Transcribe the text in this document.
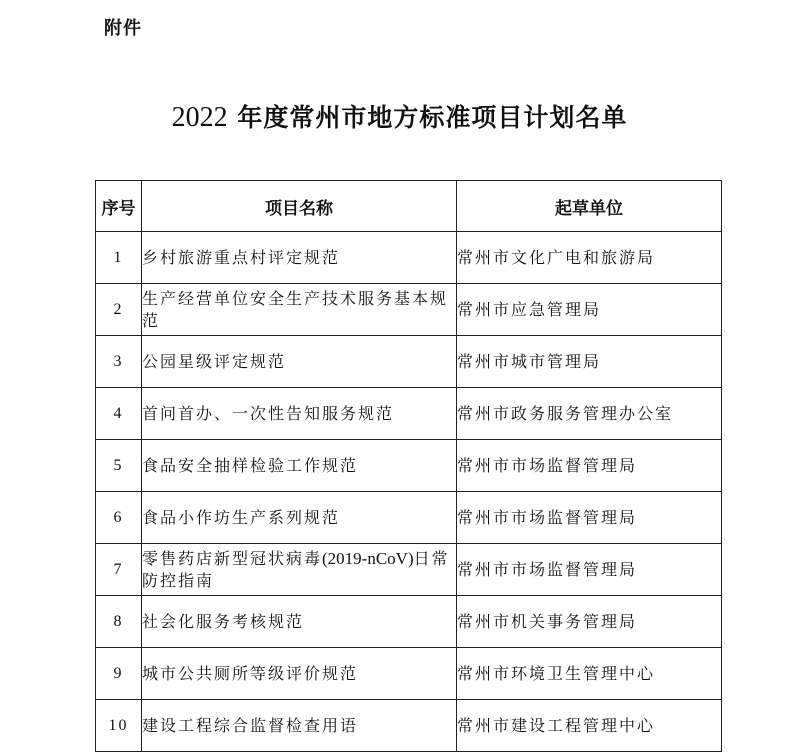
附件
2022 年度常州市地方标准项目计划名单
序号	项目名称	起草单位
1	乡村旅游重点村评定规范	常州市文化广电和旅游局
2	生产经营单位安全生产技术服务基本规范	常州市应急管理局
3	公园星级评定规范	常州市城市管理局
4	首问首办、一次性告知服务规范	常州市政务服务管理办公室
5	食品安全抽样检验工作规范	常州市市场监督管理局
6	食品小作坊生产系列规范	常州市市场监督管理局
7	零售药店新型冠状病毒(2019-nCoV)日常防控指南	常州市市场监督管理局
8	社会化服务考核规范	常州市机关事务管理局
9	城市公共厕所等级评价规范	常州市环境卫生管理中心
10	建设工程综合监督检查用语	常州市建设工程管理中心
